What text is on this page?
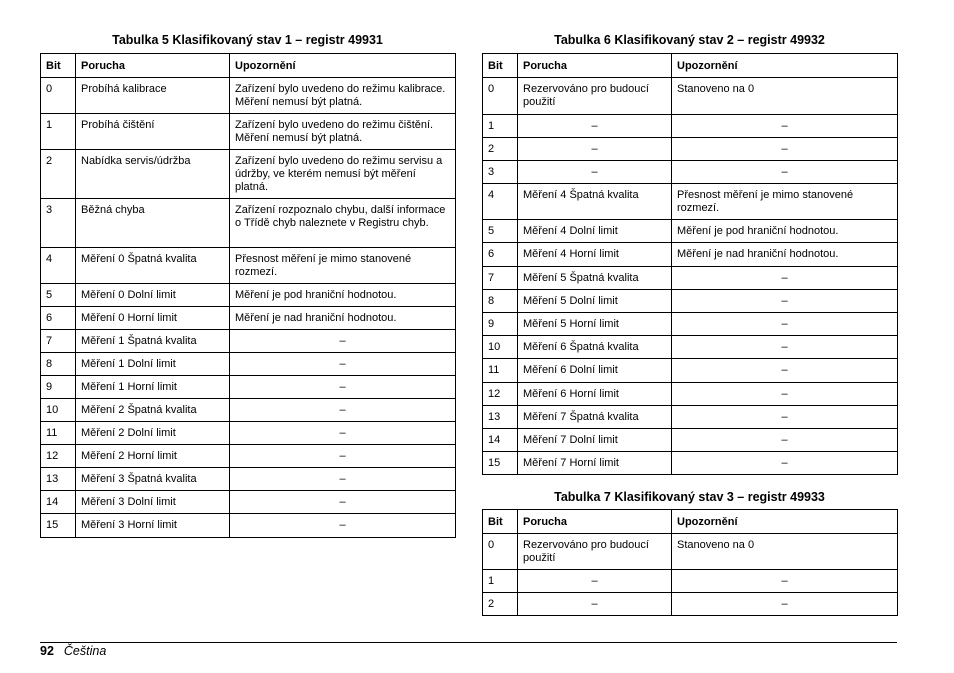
Tabulka 5 Klasifikovaný stav 1 – registr 49931
Bit	Porucha	Upozornění
0	Probíhá kalibrace	Zařízení bylo uvedeno do režimu kalibrace. Měření nemusí být platná.
1	Probíhá čištění	Zařízení bylo uvedeno do režimu čištění. Měření nemusí být platná.
2	Nabídka servis/údržba	Zařízení bylo uvedeno do režimu servisu a údržby, ve kterém nemusí být měření platná.
3	Běžná chyba	Zařízení rozpoznalo chybu, další informace o Třídě chyb naleznete v Registru chyb.
4	Měření 0 Špatná kvalita	Přesnost měření je mimo stanovené rozmezí.
5	Měření 0 Dolní limit	Měření je pod hraniční hodnotou.
6	Měření 0 Horní limit	Měření je nad hraniční hodnotou.
7	Měření 1 Špatná kvalita	–
8	Měření 1 Dolní limit	–
9	Měření 1 Horní limit	–
10	Měření 2 Špatná kvalita	–
11	Měření 2 Dolní limit	–
12	Měření 2 Horní limit	–
13	Měření 3 Špatná kvalita	–
14	Měření 3 Dolní limit	–
15	Měření 3 Horní limit	–
Tabulka 6 Klasifikovaný stav 2 – registr 49932
Bit	Porucha	Upozornění
0	Rezervováno pro budoucí použití	Stanoveno na 0
1	–	–
2	–	–
3	–	–
4	Měření 4 Špatná kvalita	Přesnost měření je mimo stanovené rozmezí.
5	Měření 4 Dolní limit	Měření je pod hraniční hodnotou.
6	Měření 4 Horní limit	Měření je nad hraniční hodnotou.
7	Měření 5 Špatná kvalita	–
8	Měření 5 Dolní limit	–
9	Měření 5 Horní limit	–
10	Měření 6 Špatná kvalita	–
11	Měření 6 Dolní limit	–
12	Měření 6 Horní limit	–
13	Měření 7 Špatná kvalita	–
14	Měření 7 Dolní limit	–
15	Měření 7 Horní limit	–
Tabulka 7 Klasifikovaný stav 3 – registr 49933
Bit	Porucha	Upozornění
0	Rezervováno pro budoucí použití	Stanoveno na 0
1	–	–
2	–	–
92 Čeština
